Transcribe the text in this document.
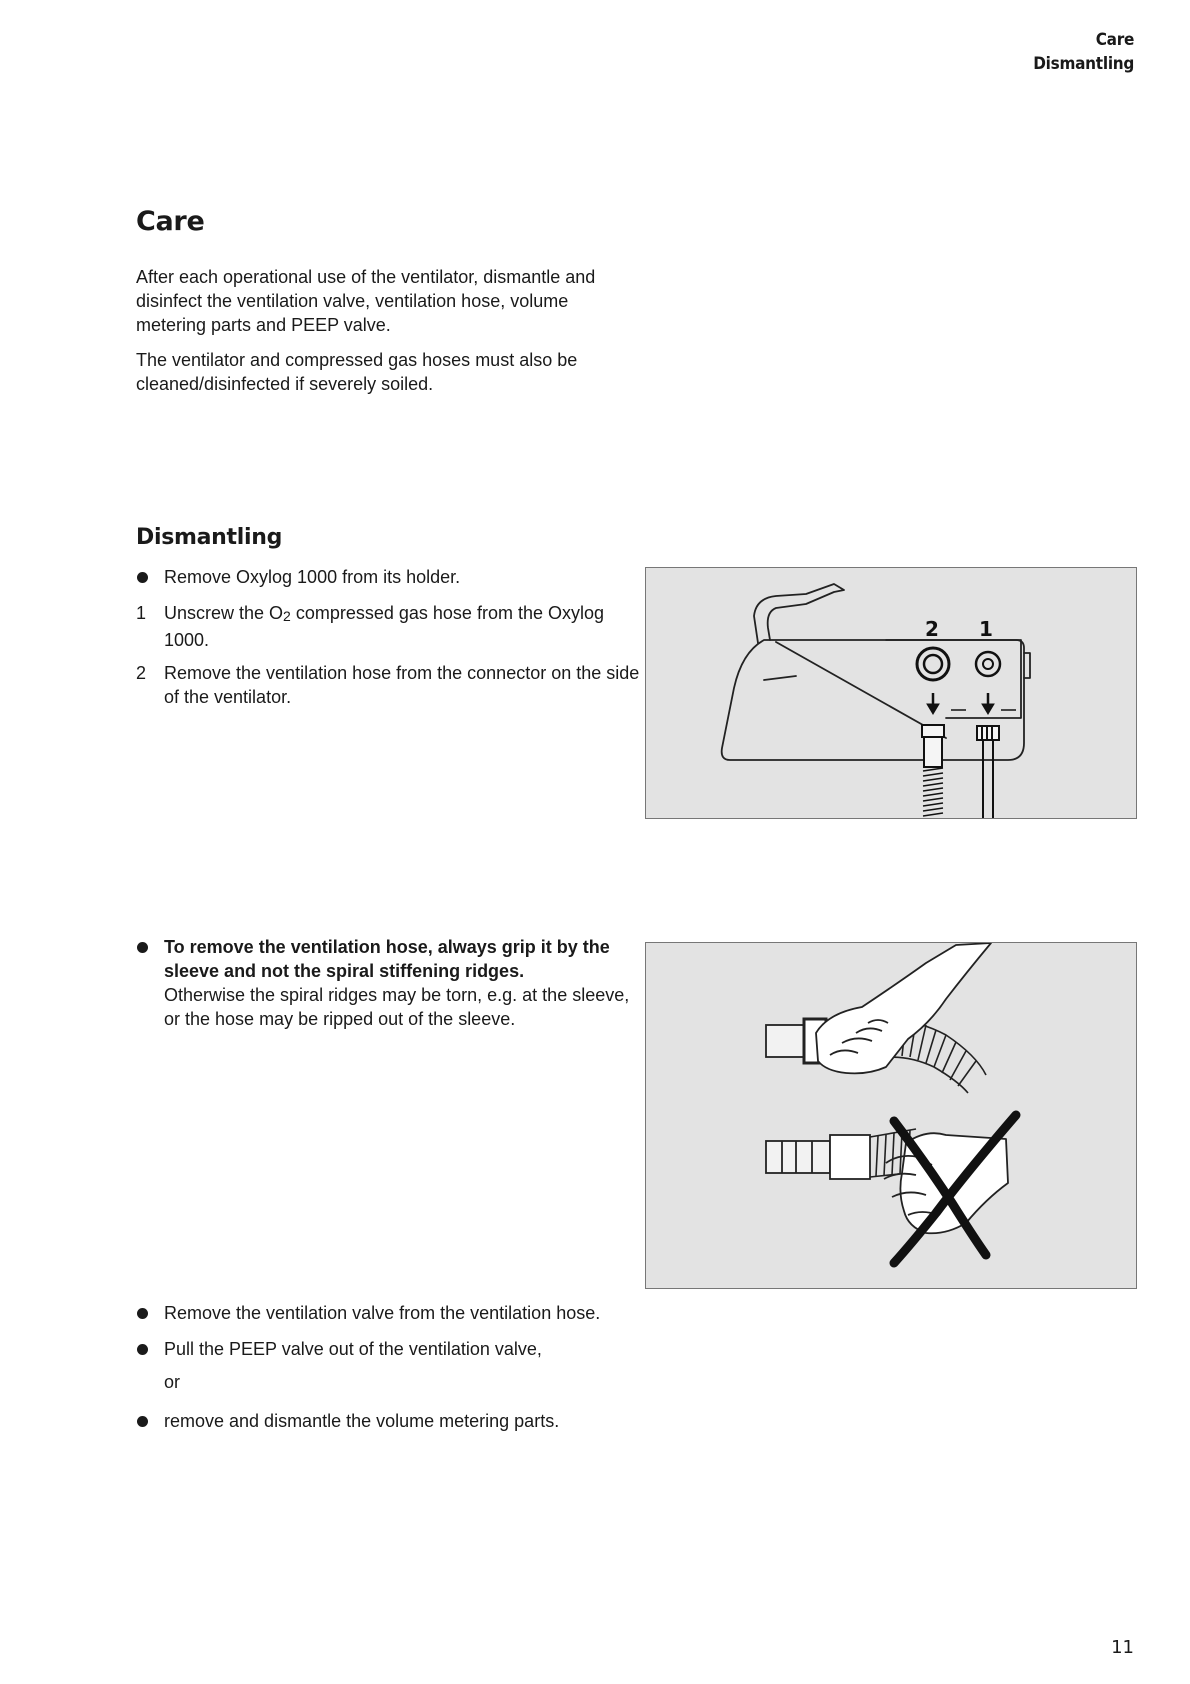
Care
Dismantling
Care

After each operational use of the ventilator, dismantle and disinfect the ventilation valve, ventilation hose, volume metering parts and PEEP valve.

The ventilator and compressed gas hoses must also be cleaned/disinfected if severely soiled.

Dismantling
Remove Oxylog 1000 from its holder.
1 Unscrew the O2 compressed gas hose from the Oxylog 1000.
2 Remove the ventilation hose from the connector on the side of the ventilator.
2 1
To remove the ventilation hose, always grip it by the sleeve and not the spiral stiffening ridges.
Otherwise the spiral ridges may be torn, e.g. at the sleeve, or the hose may be ripped out of the sleeve.
Remove the ventilation valve from the ventilation hose.
Pull the PEEP valve out of the ventilation valve,
or
remove and dismantle the volume metering parts.
11
